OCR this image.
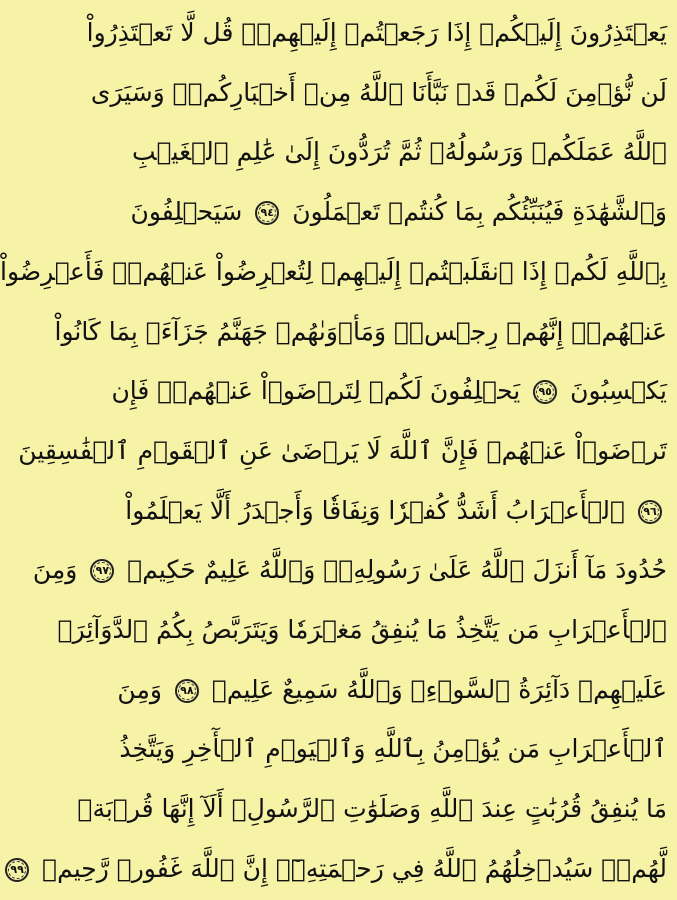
يَعۡتَذِرُونَ إِلَيۡكُمۡ إِذَا رَجَعۡتُمۡ إِلَيۡهِمۡۚ قُل لَّا تَعۡتَذِرُواْ
لَن نُّؤۡمِنَ لَكُمۡ قَدۡ نَبَّأَنَا ٱللَّهُ مِنۡ أَخۡبَارِكُمۡۚ وَسَيَرَى
ٱللَّهُ عَمَلَكُمۡ وَرَسُولُهُۥ ثُمَّ تُرَدُّونَ إِلَىٰ عَٰلِمِ ٱلۡغَيۡبِ
وَٱلشَّهَٰدَةِ فَيُنَبِّئُكُم بِمَا كُنتُمۡ تَعۡمَلُونَ ٩٤ سَيَحۡلِفُونَ
بِٱللَّهِ لَكُمۡ إِذَا ٱنقَلَبۡتُمۡ إِلَيۡهِمۡ لِتُعۡرِضُواْ عَنۡهُمۡۖ فَأَعۡرِضُواْ
عَنۡهُمۡۖ إِنَّهُمۡ رِجۡسٞۖ وَمَأۡوَىٰهُمۡ جَهَنَّمُ جَزَآءَۢ بِمَا كَانُواْ
يَكۡسِبُونَ ٩٥ يَحۡلِفُونَ لَكُمۡ لِتَرۡضَوۡاْ عَنۡهُمۡۖ فَإِن
تَرۡضَوۡاْ عَنۡهُمۡ فَإِنَّ ٱللَّهَ لَا يَرۡضَىٰ عَنِ ٱلۡقَوۡمِ ٱلۡفَٰسِقِينَ
٩٦ ٱلۡأَعۡرَابُ أَشَدُّ كُفۡرٗا وَنِفَاقٗا وَأَجۡدَرُ أَلَّا يَعۡلَمُواْ
حُدُودَ مَآ أَنزَلَ ٱللَّهُ عَلَىٰ رَسُولِهِۦۗ وَٱللَّهُ عَلِيمٌ حَكِيمٞ ٩٧ وَمِنَ
ٱلۡأَعۡرَابِ مَن يَتَّخِذُ مَا يُنفِقُ مَغۡرَمٗا وَيَتَرَبَّصُ بِكُمُ ٱلدَّوَآئِرَۚ
عَلَيۡهِمۡ دَآئِرَةُ ٱلسَّوۡءِۗ وَٱللَّهُ سَمِيعٌ عَلِيمٞ ٩٨ وَمِنَ
ٱلۡأَعۡرَابِ مَن يُؤۡمِنُ بِٱللَّهِ وَٱلۡيَوۡمِ ٱلۡأٓخِرِ وَيَتَّخِذُ
مَا يُنفِقُ قُرُبَٰتٍ عِندَ ٱللَّهِ وَصَلَوَٰتِ ٱلرَّسُولِۚ أَلَآ إِنَّهَا قُرۡبَةٞ
لَّهُمۡۚ سَيُدۡخِلُهُمُ ٱللَّهُ فِي رَحۡمَتِهِۦٓۚ إِنَّ ٱللَّهَ غَفُورٞ رَّحِيمٞ ٩٩
